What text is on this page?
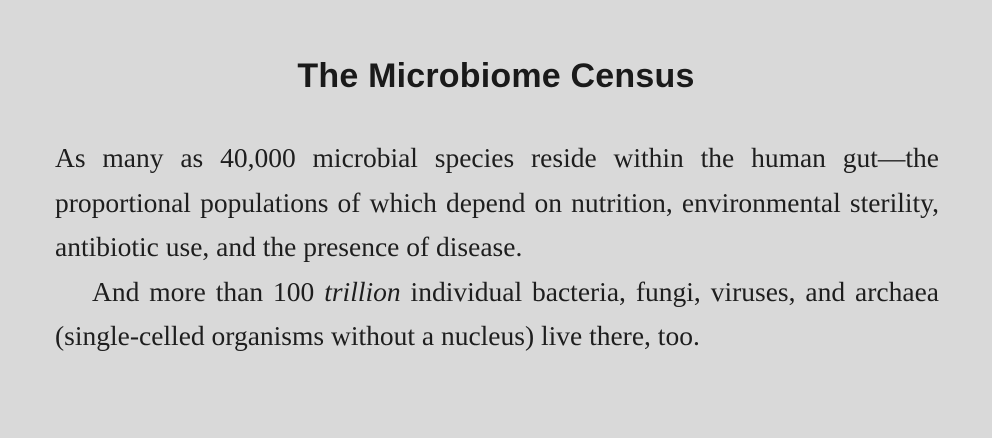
The Microbiome Census

As many as 40,000 microbial species reside within the human gut—the proportional populations of which depend on nutrition, environmental sterility, antibiotic use, and the presence of disease.

And more than 100 trillion individual bacteria, fungi, viruses, and archaea (single-celled organisms without a nucleus) live there, too.
